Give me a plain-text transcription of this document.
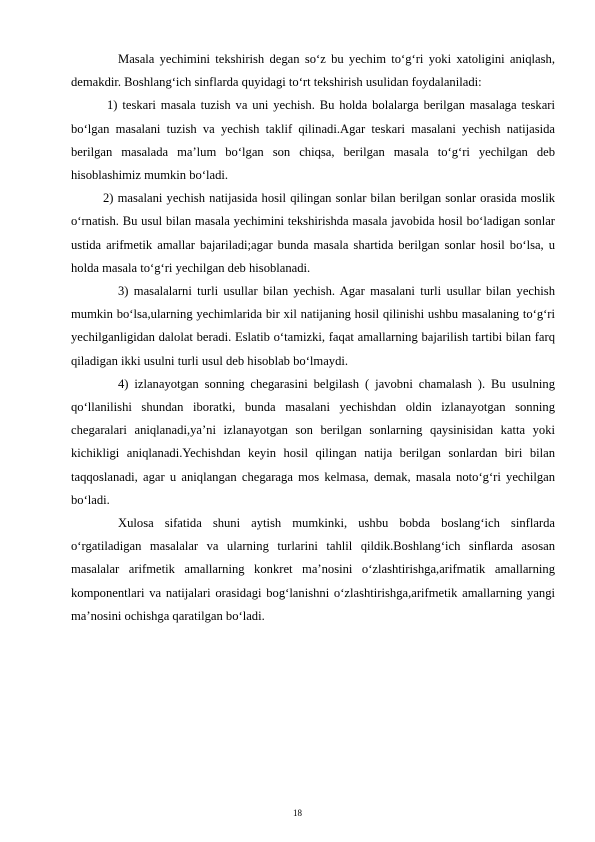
Masala yechimini tekshirish degan so‘z bu yechim to‘g‘ri yoki xatoligini aniqlash, demakdir. Boshlang‘ich sinflarda quyidagi to‘rt tekshirish usulidan foydalaniladi:

1) teskari masala tuzish va uni yechish. Bu holda bolalarga berilgan masalaga teskari bo‘lgan masalani tuzish va yechish taklif qilinadi.Agar teskari masalani yechish natijasida berilgan masalada ma’lum bo‘lgan son chiqsa, berilgan masala to‘g‘ri yechilgan deb hisoblashimiz mumkin bo‘ladi.

2) masalani yechish natijasida hosil qilingan sonlar bilan berilgan sonlar orasida moslik o‘rnatish. Bu usul bilan masala yechimini tekshirishda masala javobida hosil bo‘ladigan sonlar ustida arifmetik amallar bajariladi;agar bunda masala shartida berilgan sonlar hosil bo‘lsa, u holda masala to‘g‘ri yechilgan deb hisoblanadi.

3) masalalarni turli usullar bilan yechish. Agar masalani turli usullar bilan yechish mumkin bo‘lsa,ularning yechimlarida bir xil natijaning hosil qilinishi ushbu masalaning to‘g‘ri yechilganligidan dalolat beradi. Eslatib o‘tamizki, faqat amallarning bajarilish tartibi bilan farq qiladigan ikki usulni turli usul deb hisoblab bo‘lmaydi.

4) izlanayotgan sonning chegarasini belgilash ( javobni chamalash ). Bu usulning qo‘llanilishi shundan iboratki, bunda masalani yechishdan oldin izlanayotgan sonning chegaralari aniqlanadi,ya’ni izlanayotgan son berilgan sonlarning qaysinisidan katta yoki kichikligi aniqlanadi.Yechishdan keyin hosil qilingan natija berilgan sonlardan biri bilan taqqoslanadi, agar u aniqlangan chegaraga mos kelmasa, demak, masala noto‘g‘ri yechilgan bo‘ladi.

Xulosa sifatida shuni aytish mumkinki, ushbu bobda boslang‘ich sinflarda o‘rgatiladigan masalalar va ularning turlarini tahlil qildik.Boshlang‘ich sinflarda asosan masalalar arifmetik amallarning konkret ma’nosini o‘zlashtirishga,arifmatik amallarning komponentlari va natijalari orasidagi bog‘lanishni o‘zlashtirishga,arifmetik amallarning yangi ma’nosini ochishga qaratilgan bo‘ladi.

18
